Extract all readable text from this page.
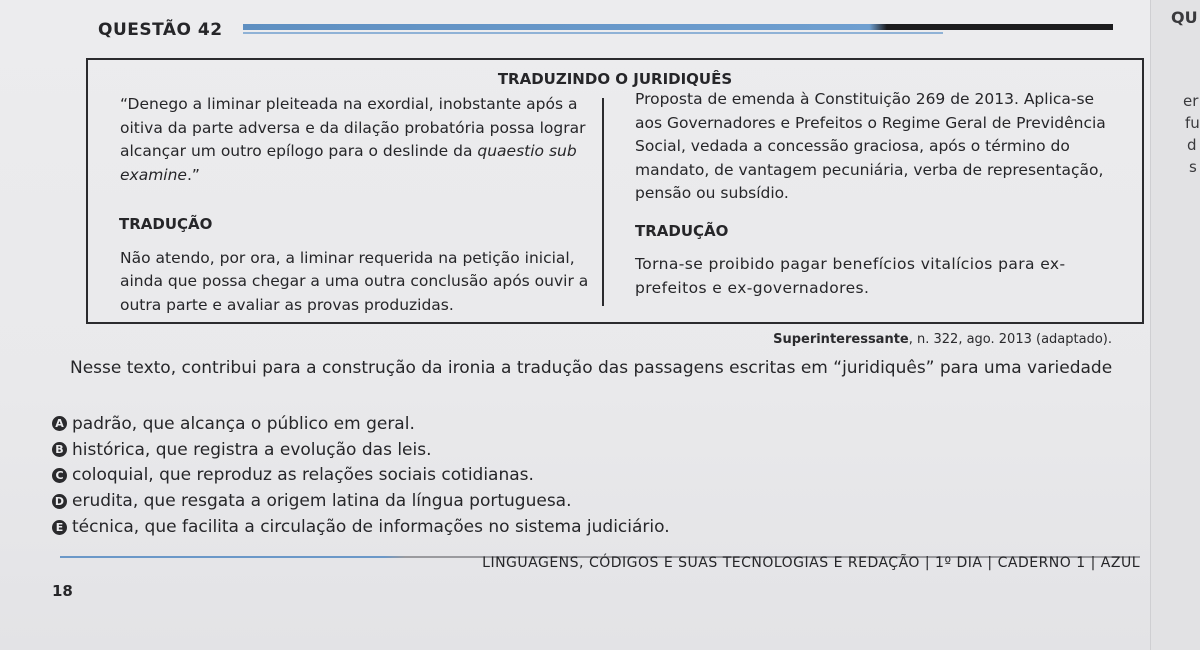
QUESTÃO 42
TRADUZINDO O JURIDIQUÊS

“Denego a liminar pleiteada na exordial, inobstante após a oitiva da parte adversa e da dilação probatória possa lograr alcançar um outro epílogo para o deslinde da quaestio sub examine.”

TRADUÇÃO

Não atendo, por ora, a liminar requerida na petição inicial, ainda que possa chegar a uma outra conclusão após ouvir a outra parte e avaliar as provas produzidas.

Proposta de emenda à Constituição 269 de 2013. Aplica-se aos Governadores e Prefeitos o Regime Geral de Previdência Social, vedada a concessão graciosa, após o término do mandato, de vantagem pecuniária, verba de representação, pensão ou subsídio.

TRADUÇÃO

Torna-se proibido pagar benefícios vitalícios para ex-prefeitos e ex-governadores.

Superinteressante, n. 322, ago. 2013 (adaptado).
Nesse texto, contribui para a construção da ironia a tradução das passagens escritas em “juridiquês” para uma variedade
A padrão, que alcança o público em geral.
B histórica, que registra a evolução das leis.
C coloquial, que reproduz as relações sociais cotidianas.
D erudita, que resgata a origem latina da língua portuguesa.
E técnica, que facilita a circulação de informações no sistema judiciário.
18
LINGUAGENS, CÓDIGOS E SUAS TECNOLOGIAS E REDAÇÃO | 1º DIA | CADERNO 1 | AZUL
QU
er
fu
d
s
